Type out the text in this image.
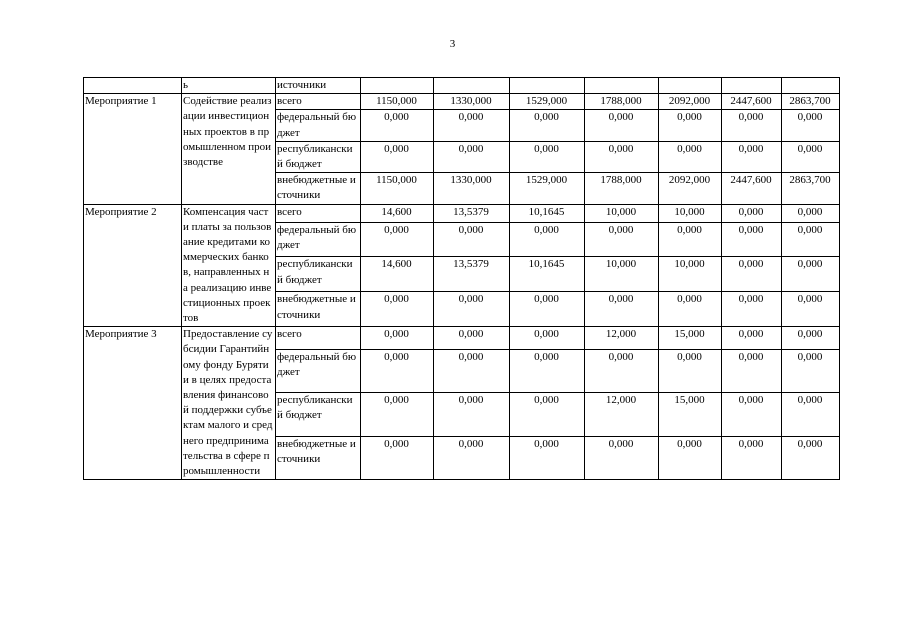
3
	ь	источники							
Мероприятие 1	Содействие реализации инвестиционных проектов в промышленном производстве	всего	1150,000	1330,000	1529,000	1788,000	2092,000	2447,600	2863,700
		федеральный бюджет	0,000	0,000	0,000	0,000	0,000	0,000	0,000
		республиканский бюджет	0,000	0,000	0,000	0,000	0,000	0,000	0,000
		внебюджетные источники	1150,000	1330,000	1529,000	1788,000	2092,000	2447,600	2863,700
Мероприятие 2	Компенсация части платы за пользование кредитами коммерческих банков, направленных на реализацию инвестиционных проектов	всего	14,600	13,5379	10,1645	10,000	10,000	0,000	0,000
		федеральный бюджет	0,000	0,000	0,000	0,000	0,000	0,000	0,000
		республиканский бюджет	14,600	13,5379	10,1645	10,000	10,000	0,000	0,000
		внебюджетные источники	0,000	0,000	0,000	0,000	0,000	0,000	0,000
Мероприятие 3	Предоставление субсидии Гарантийному фонду Бурятии в целях предоставления финансовой поддержки субъектам малого и среднего предпринимательства в сфере промышленности	всего	0,000	0,000	0,000	12,000	15,000	0,000	0,000
		федеральный бюджет	0,000	0,000	0,000	0,000	0,000	0,000	0,000
		республиканский бюджет	0,000	0,000	0,000	12,000	15,000	0,000	0,000
		внебюджетные источники	0,000	0,000	0,000	0,000	0,000	0,000	0,000
